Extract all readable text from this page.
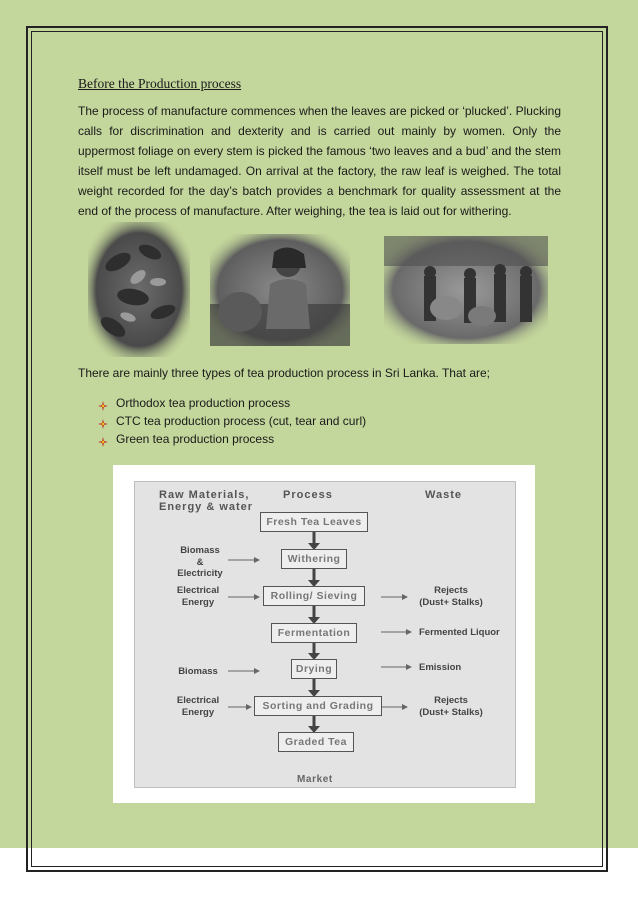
Before the Production process

The process of manufacture commences when the leaves are picked or ‘plucked’. Plucking calls for discrimination and dexterity and is carried out mainly by women. Only the uppermost foliage on every stem is picked the famous ‘two leaves and a bud’ and the stem itself must be left undamaged. On arrival at the factory, the raw leaf is weighed. The total weight recorded for the day’s batch provides a benchmark for quality assessment at the end of the process of manufacture. After weighing, the tea is laid out for withering.

There are mainly three types of tea production process in Sri Lanka. That are;
Orthodox tea production process
CTC tea production process (cut, tear and curl)
Green tea production process
Raw Materials,
Energy & water
Process	Waste
Fresh Tea Leaves
Withering
Rolling/ Sieving
Fermentation
Drying
Sorting and Grading
Graded Tea
Biomass
&
Electricity
Electrical
Energy
Biomass
Electrical
Energy
Rejects
(Dust+ Stalks)
Fermented Liquor
Emission
Rejects
(Dust+ Stalks)
Market
